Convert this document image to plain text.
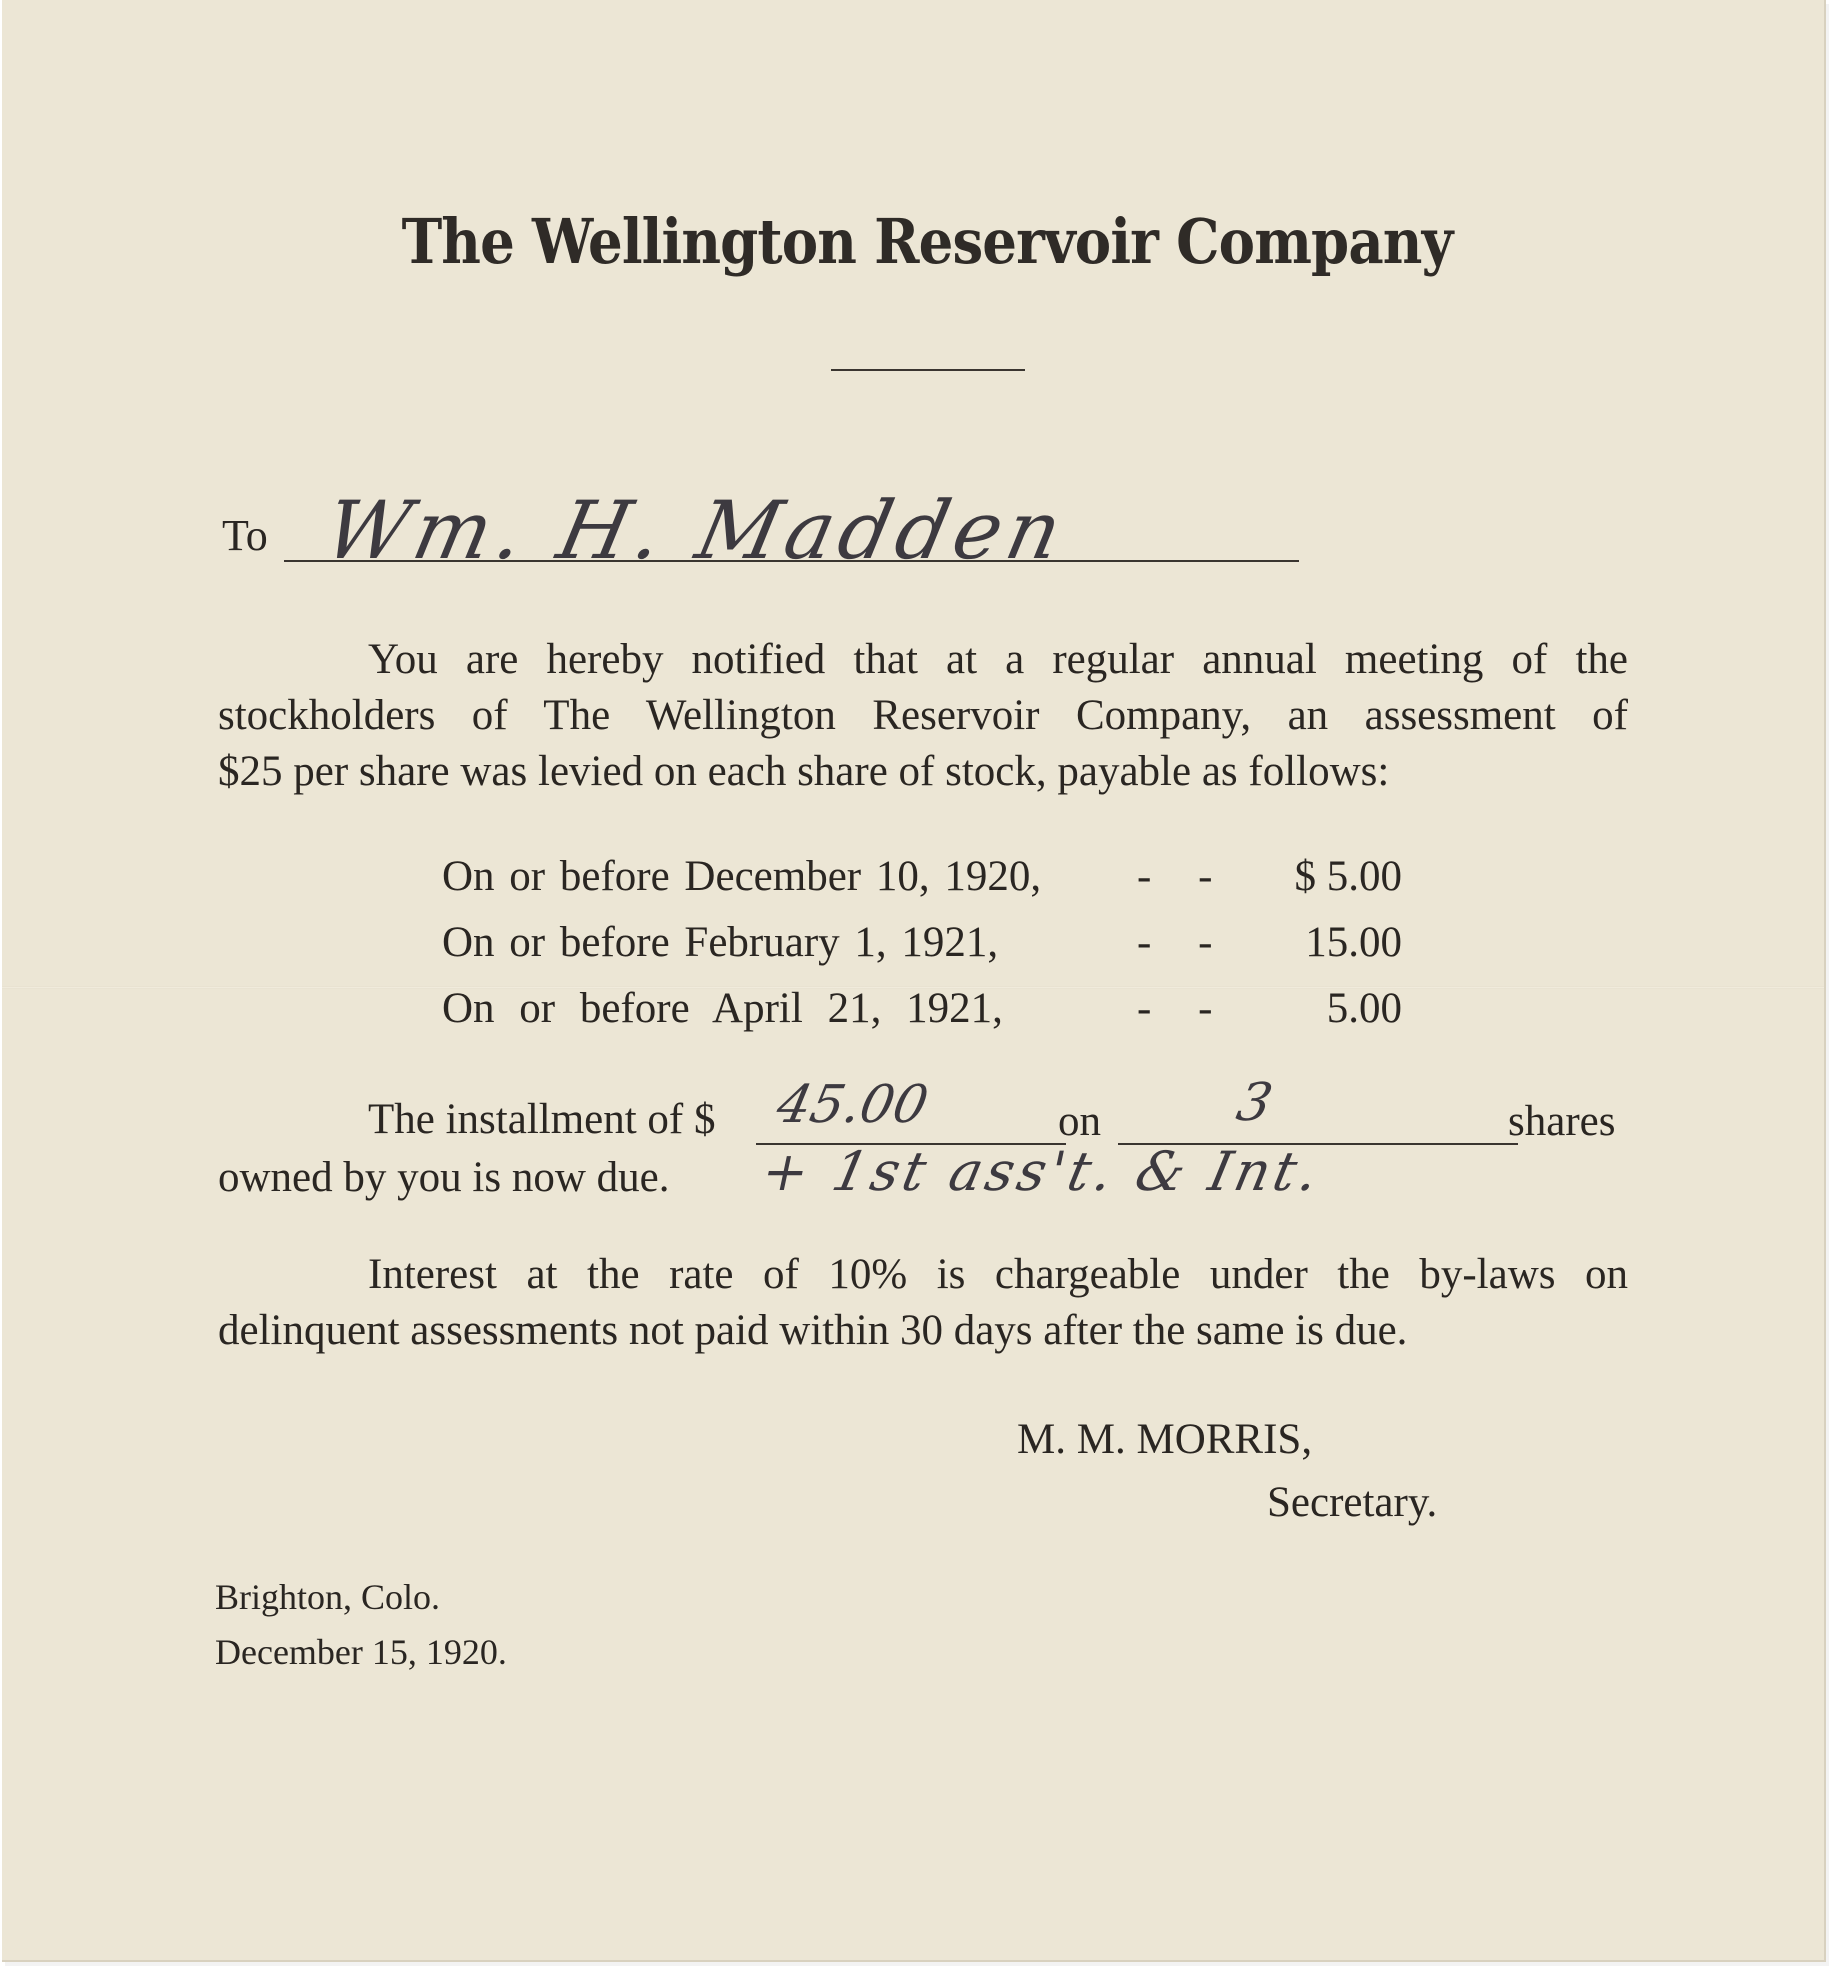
The Wellington Reservoir Company
To Wm. H. Madden
You are hereby notified that at a regular annual meeting of the
stockholders of The Wellington Reservoir Company, an assessment of
$25 per share was levied on each share of stock, payable as follows:
On or before December 10, 1920, - - $ 5.00
On or before February 1, 1921,	- - 15.00
On or before April 21, 1921,	- - 5.00
The installment of $ 45.00	on	3	shares
owned by you is now due. + 1st ass't. & Int.
Interest at the rate of 10% is chargeable under the by-laws on
delinquent assessments not paid within 30 days after the same is due.
M. M. MORRIS,
Secretary.
Brighton, Colo.
December 15, 1920.
